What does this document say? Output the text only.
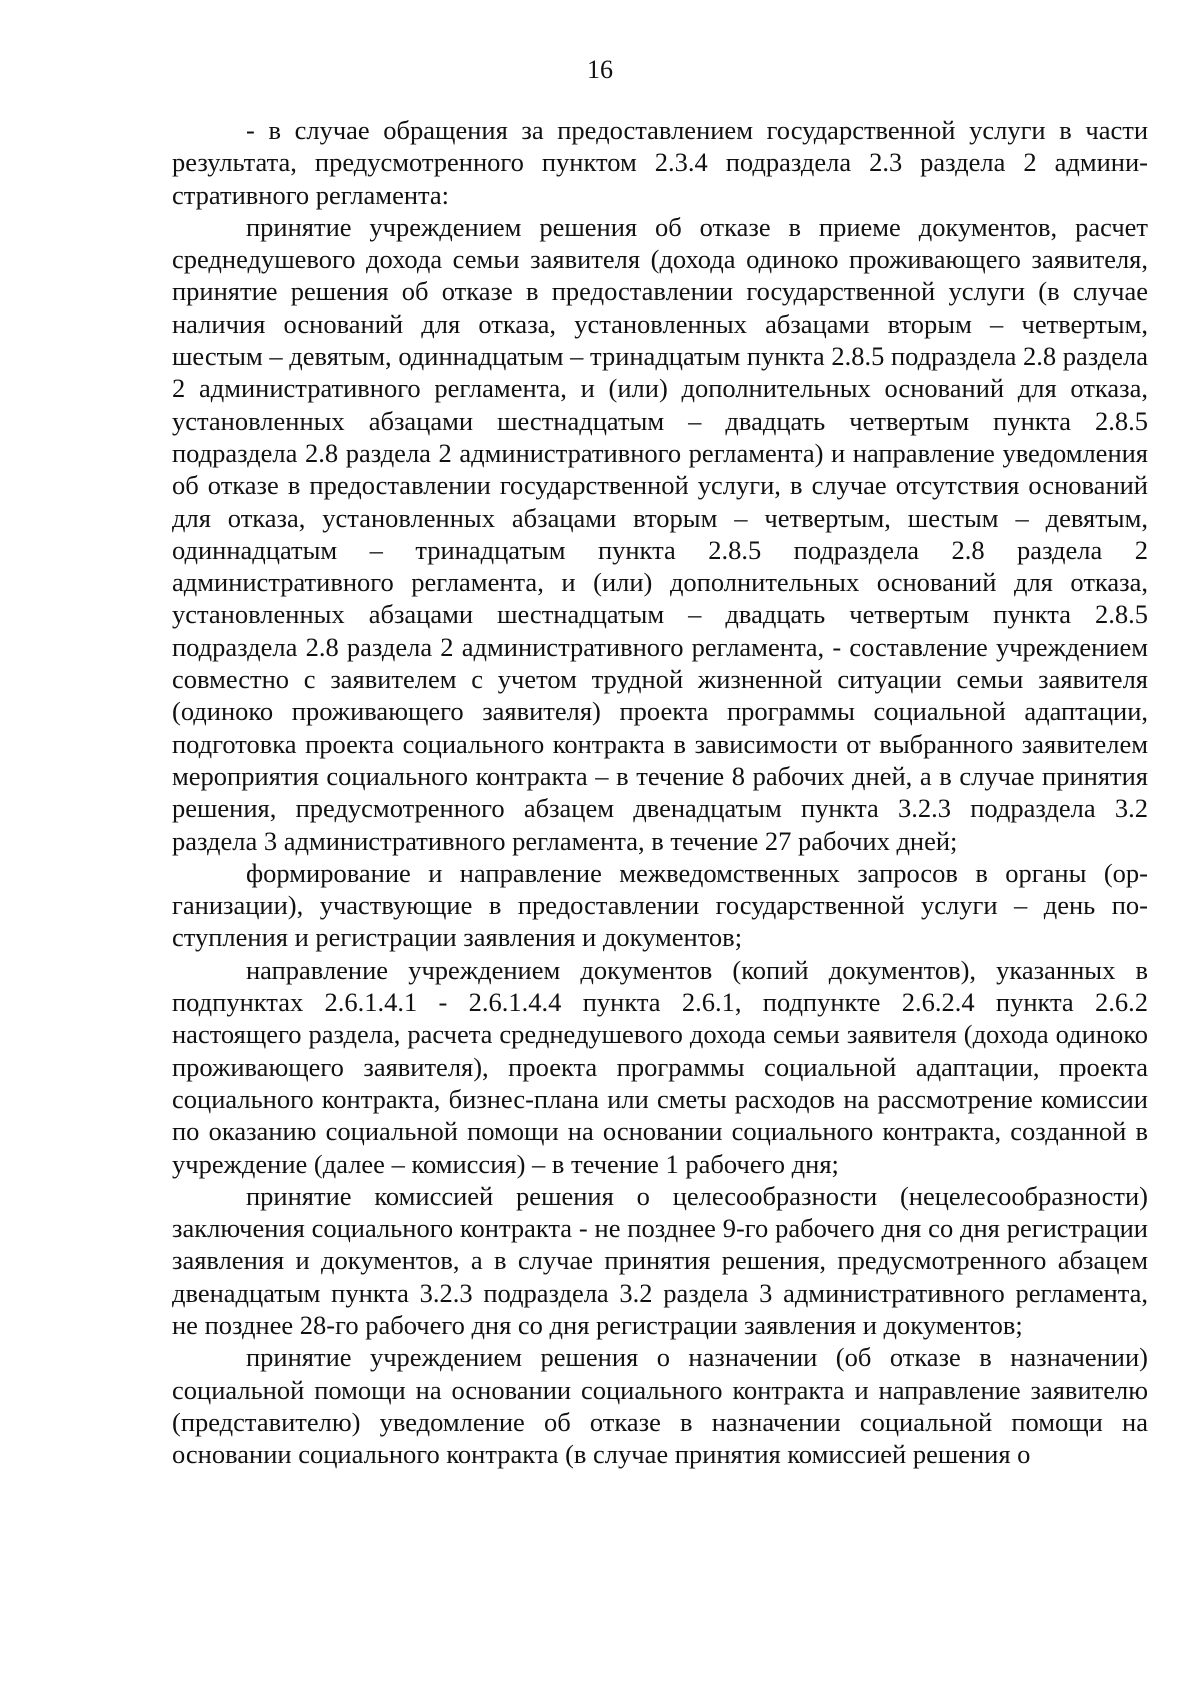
16

- в случае обращения за предоставлением государственной услуги в части результата, предусмотренного пунктом 2.3.4 подраздела 2.3 раздела 2 административного регламента:

принятие учреждением решения об отказе в приеме документов, расчет среднедушевого дохода семьи заявителя (дохода одиноко проживающего заявителя, принятие решения об отказе в предоставлении государственной услуги (в случае наличия оснований для отказа, установленных абзацами вторым – четвертым, шестым – девятым, одиннадцатым – тринадцатым пункта 2.8.5 подраздела 2.8 раздела 2 административного регламента, и (или) дополнительных оснований для отказа, установленных абзацами шестнадцатым – двадцать четвертым пункта 2.8.5 подраздела 2.8 раздела 2 административного регламента) и направление уведомления об отказе в предоставлении государственной услуги, в случае отсутствия оснований для отказа, установленных абзацами вторым – четвертым, шестым – девятым, одиннадцатым – тринадцатым пункта 2.8.5 подраздела 2.8 раздела 2 административного регламента, и (или) дополнительных оснований для отказа, установленных абзацами шестнадцатым – двадцать четвертым пункта 2.8.5 подраздела 2.8 раздела 2 административного регламента, - составление учреждением совместно с заявителем с учетом трудной жизненной ситуации семьи заявителя (одиноко проживающего заявителя) проекта программы социальной адаптации, подготовка проекта социального контракта в зависимости от выбранного заявителем мероприятия социального контракта – в течение 8 рабочих дней, а в случае принятия решения, предусмотренного абзацем двенадцатым пункта 3.2.3 подраздела 3.2 раздела 3 административного регламента, в течение 27 рабочих дней;

формирование и направление межведомственных запросов в органы (организации), участвующие в предоставлении государственной услуги – день поступления и регистрации заявления и документов;

направление учреждением документов (копий документов), указанных в подпунктах 2.6.1.4.1 - 2.6.1.4.4 пункта 2.6.1, подпункте 2.6.2.4 пункта 2.6.2 настоящего раздела, расчета среднедушевого дохода семьи заявителя (дохода одиноко проживающего заявителя), проекта программы социальной адаптации, проекта социального контракта, бизнес-плана или сметы расходов на рассмотрение комиссии по оказанию социальной помощи на основании социального контракта, созданной в учреждение (далее – комиссия) – в течение 1 рабочего дня;

принятие комиссией решения о целесообразности (нецелесообразности) заключения социального контракта - не позднее 9-го рабочего дня со дня регистрации заявления и документов, а в случае принятия решения, предусмотренного абзацем двенадцатым пункта 3.2.3 подраздела 3.2 раздела 3 административного регламента, не позднее 28-го рабочего дня со дня регистрации заявления и документов;

принятие учреждением решения о назначении (об отказе в назначении) социальной помощи на основании социального контракта и направление заявителю (представителю) уведомление об отказе в назначении социальной помощи на основании социального контракта (в случае принятия комиссией решения о
